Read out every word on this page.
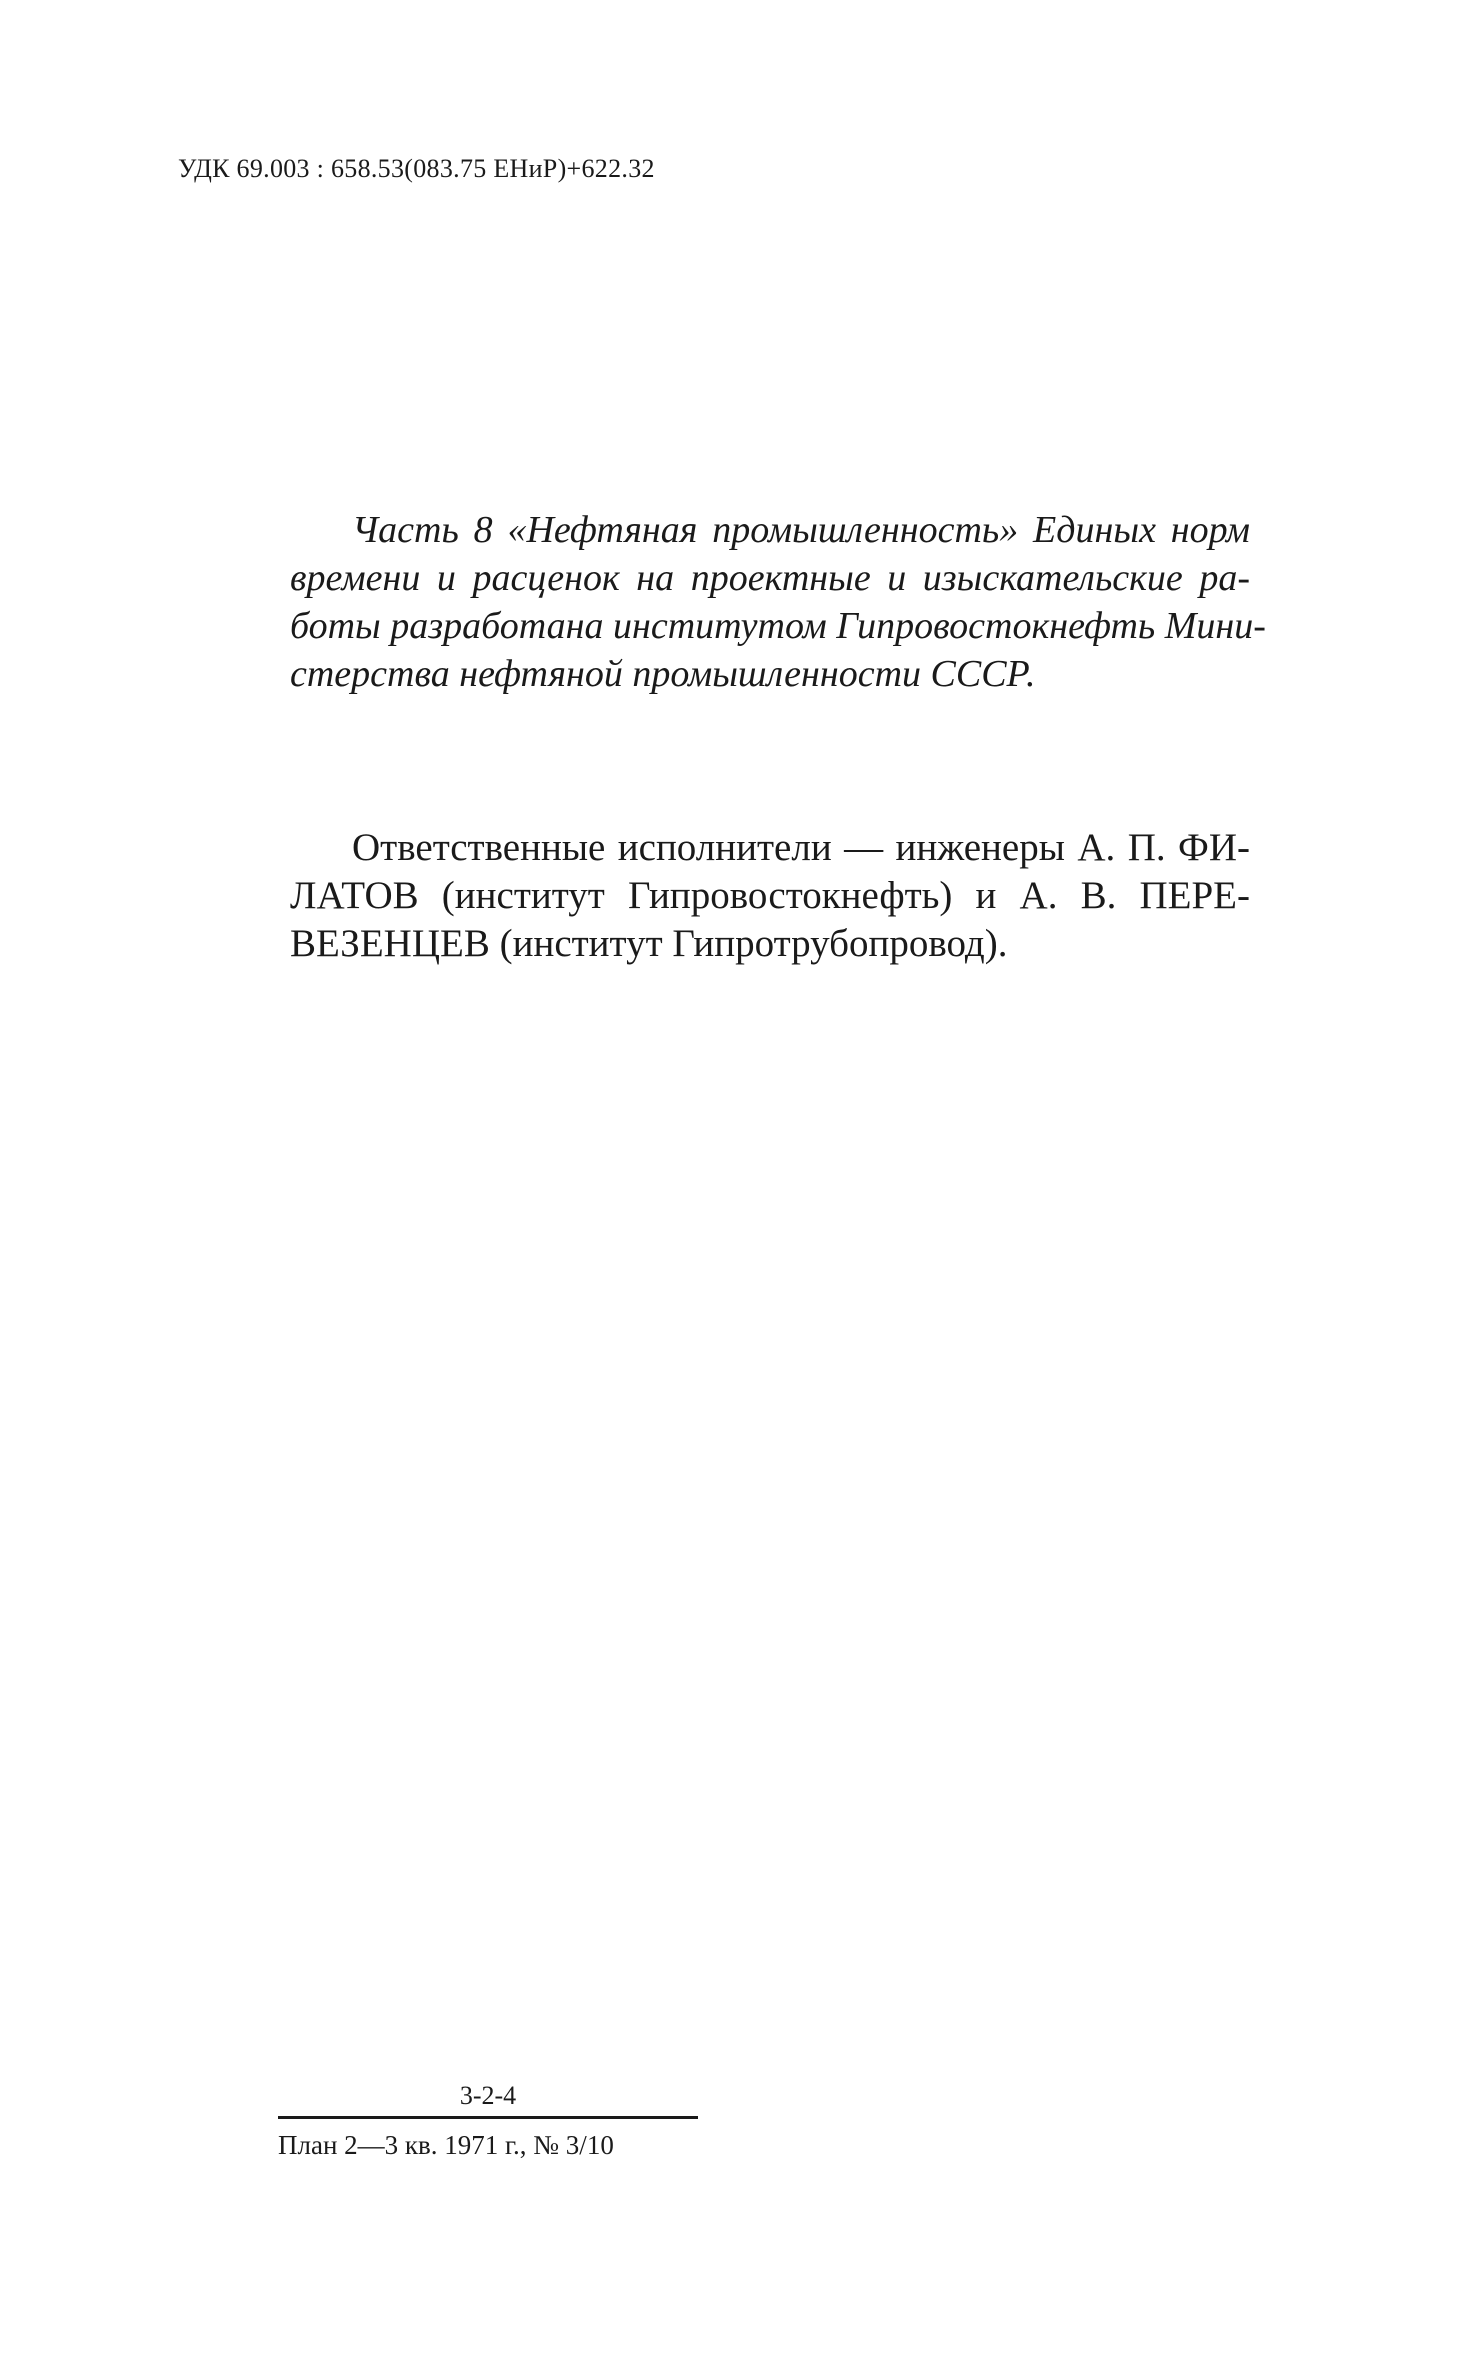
УДК 69.003 : 658.53(083.75 ЕНиР)+622.32
Часть 8 «Нефтяная промышленность» Единых норм
времени и расценок на проектные и изыскательские ра-
боты разработана институтом Гипровостокнефть Мини-
стерства нефтяной промышленности СССР.
Ответственные исполнители — инженеры А. П. ФИ-
ЛАТОВ (институт Гипровостокнефть) и А. В. ПЕРЕ-
ВЕЗЕНЦЕВ (институт Гипротрубопровод).
3-2-4
План 2—3 кв. 1971 г., № 3/10
